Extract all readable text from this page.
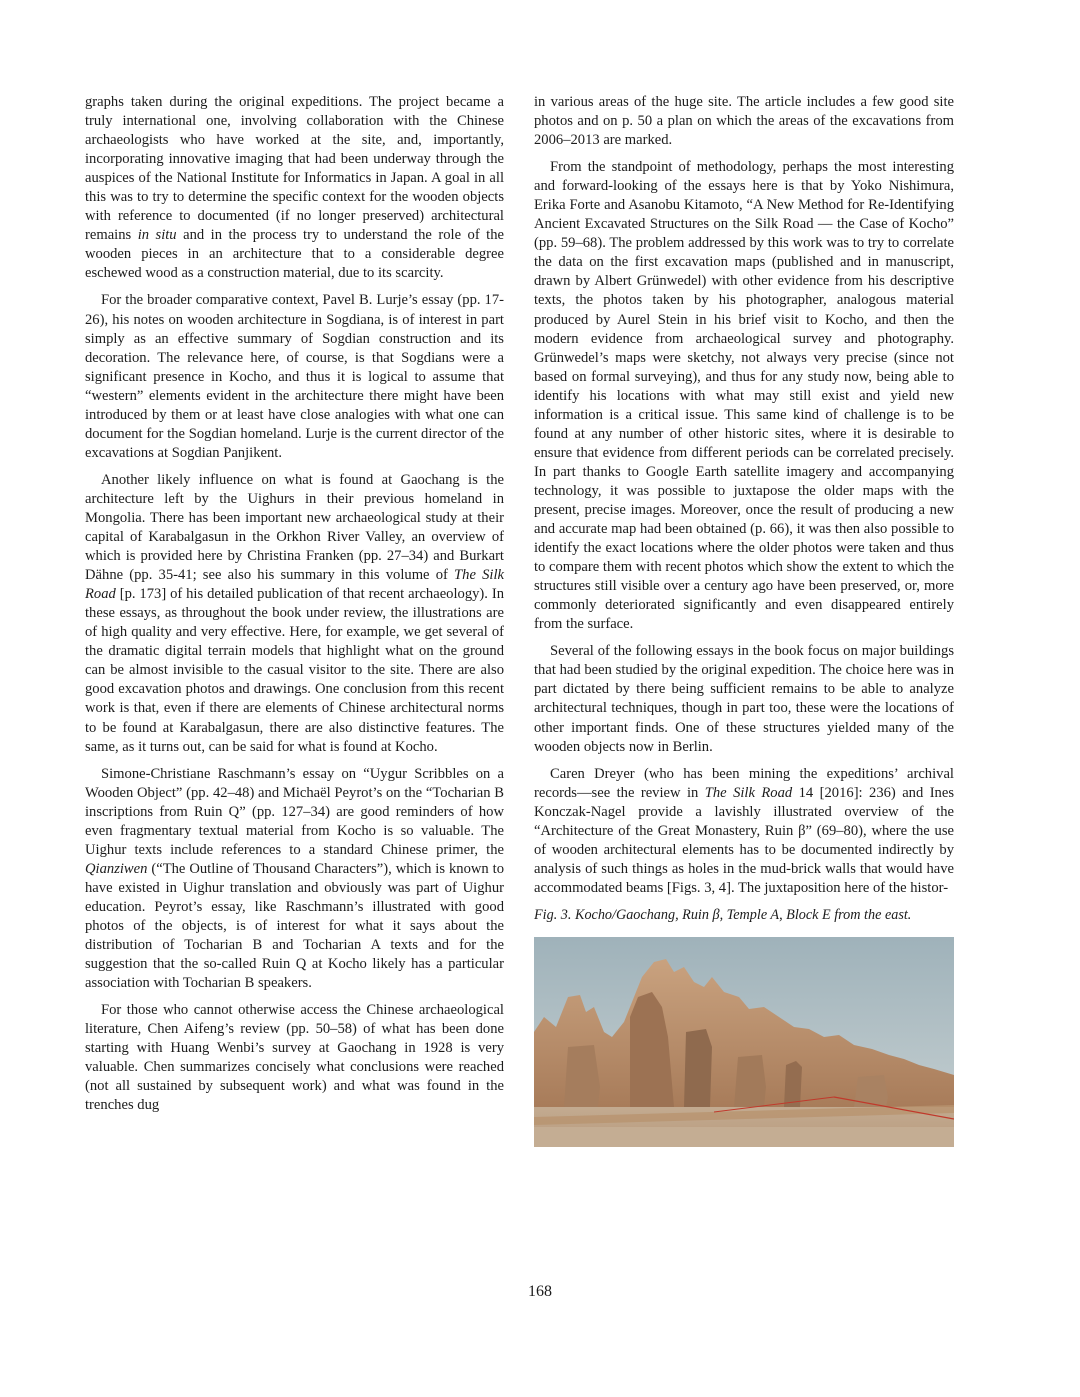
graphs taken during the original expeditions. The project became a truly international one, involving collaboration with the Chinese archaeologists who have worked at the site, and, importantly, incorporating innovative imaging that had been underway through the auspices of the National Institute for Informatics in Japan. A goal in all this was to try to determine the specific context for the wooden objects with reference to documented (if no longer preserved) architectural remains in situ and in the process try to understand the role of the wooden pieces in an architecture that to a considerable degree eschewed wood as a construction material, due to its scarcity.

For the broader comparative context, Pavel B. Lurje’s essay (pp. 17-26), his notes on wooden architecture in Sogdiana, is of interest in part simply as an effective summary of Sogdian construction and its decoration. The relevance here, of course, is that Sogdians were a significant presence in Kocho, and thus it is logical to assume that “western” elements evident in the architecture there might have been introduced by them or at least have close analogies with what one can document for the Sogdian homeland. Lurje is the current director of the excavations at Sogdian Panjikent.

Another likely influence on what is found at Gaochang is the architecture left by the Uighurs in their previous homeland in Mongolia. There has been important new archaeological study at their capital of Karabalgasun in the Orkhon River Valley, an overview of which is provided here by Christina Franken (pp. 27–34) and Burkart Dähne (pp. 35-41; see also his summary in this volume of The Silk Road [p. 173] of his detailed publication of that recent archaeology). In these essays, as throughout the book under review, the illustrations are of high quality and very effective. Here, for example, we get several of the dramatic digital terrain models that highlight what on the ground can be almost invisible to the casual visitor to the site. There are also good excavation photos and drawings. One conclusion from this recent work is that, even if there are elements of Chinese architectural norms to be found at Karabalgasun, there are also distinctive features. The same, as it turns out, can be said for what is found at Kocho.

Simone-Christiane Raschmann’s essay on “Uygur Scribbles on a Wooden Object” (pp. 42–48) and Michaël Peyrot’s on the “Tocharian B inscriptions from Ruin Q” (pp. 127–34) are good reminders of how even fragmentary textual material from Kocho is so valuable. The Uighur texts include references to a standard Chinese primer, the Qianziwen (“The Outline of Thousand Characters”), which is known to have existed in Uighur translation and obviously was part of Uighur education. Peyrot’s essay, like Raschmann’s illustrated with good photos of the objects, is of interest for what it says about the distribution of Tocharian B and Tocharian A texts and for the suggestion that the so-called Ruin Q at Kocho likely has a particular association with Tocharian B speakers.

For those who cannot otherwise access the Chinese archaeological literature, Chen Aifeng’s review (pp. 50–58) of what has been done starting with Huang Wenbi’s survey at Gaochang in 1928 is very valuable. Chen summarizes concisely what conclusions were reached (not all sustained by subsequent work) and what was found in the trenches dug

in various areas of the huge site. The article includes a few good site photos and on p. 50 a plan on which the areas of the excavations from 2006–2013 are marked.

From the standpoint of methodology, perhaps the most interesting and forward-looking of the essays here is that by Yoko Nishimura, Erika Forte and Asanobu Kitamoto, “A New Method for Re-Identifying Ancient Excavated Structures on the Silk Road — the Case of Kocho” (pp. 59–68). The problem addressed by this work was to try to correlate the data on the first excavation maps (published and in manuscript, drawn by Albert Grünwedel) with other evidence from his descriptive texts, the photos taken by his photographer, analogous material produced by Aurel Stein in his brief visit to Kocho, and then the modern evidence from archaeological survey and photography. Grünwedel’s maps were sketchy, not always very precise (since not based on formal surveying), and thus for any study now, being able to identify his locations with what may still exist and yield new information is a critical issue. This same kind of challenge is to be found at any number of other historic sites, where it is desirable to ensure that evidence from different periods can be correlated precisely. In part thanks to Google Earth satellite imagery and accompanying technology, it was possible to juxtapose the older maps with the present, precise images. Moreover, once the result of producing a new and accurate map had been obtained (p. 66), it was then also possible to identify the exact locations where the older photos were taken and thus to compare them with recent photos which show the extent to which the structures still visible over a century ago have been preserved, or, more commonly deteriorated significantly and even disappeared entirely from the surface.

Several of the following essays in the book focus on major buildings that had been studied by the original expedition. The choice here was in part dictated by there being sufficient remains to be able to analyze architectural techniques, though in part too, these were the locations of other important finds. One of these structures yielded many of the wooden objects now in Berlin.

Caren Dreyer (who has been mining the expeditions’ archival records—see the review in The Silk Road 14 [2016]: 236) and Ines Konczak-Nagel provide a lavishly illustrated overview of the “Architecture of the Great Monastery, Ruin β” (69–80), where the use of wooden architectural elements has to be documented indirectly by analysis of such things as holes in the mud-brick walls that would have accommodated beams [Figs. 3, 4]. The juxtaposition here of the histor-

Fig. 3. Kocho/Gaochang, Ruin β, Temple A, Block E from the east.
168
